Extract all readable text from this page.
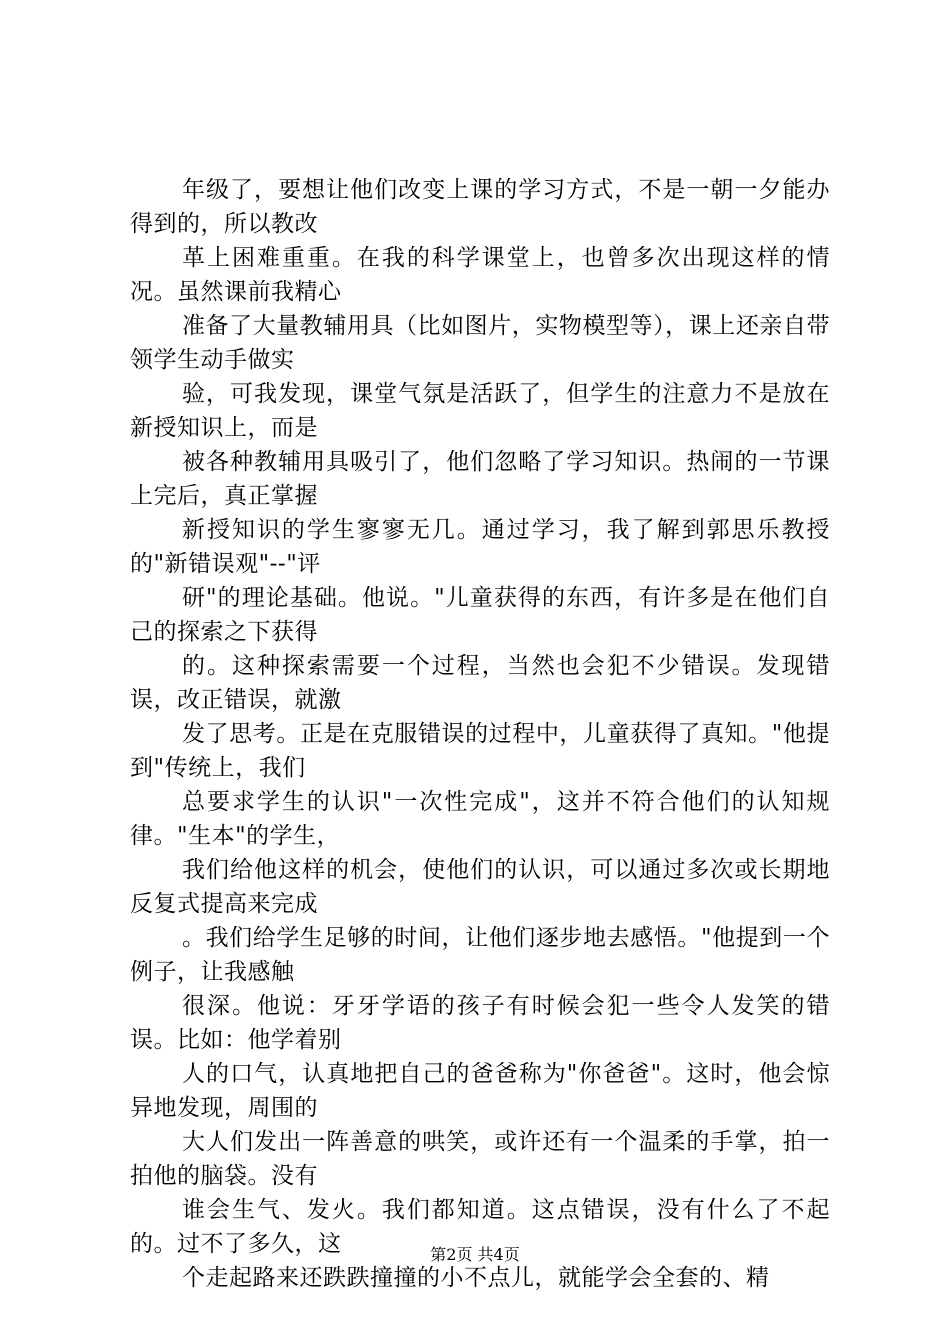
年级了，要想让他们改变上课的学习方式，不是一朝一夕能办得到的，所以教改
革上困难重重。在我的科学课堂上，也曾多次出现这样的情况。虽然课前我精心
准备了大量教辅用具（比如图片，实物模型等），课上还亲自带领学生动手做实
验，可我发现，课堂气氛是活跃了，但学生的注意力不是放在新授知识上，而是
被各种教辅用具吸引了，他们忽略了学习知识。热闹的一节课上完后，真正掌握
新授知识的学生寥寥无几。通过学习，我了解到郭思乐教授的"新错误观"--"评
研"的理论基础。他说。"儿童获得的东西，有许多是在他们自己的探索之下获得
的。这种探索需要一个过程，当然也会犯不少错误。发现错误，改正错误，就激
发了思考。正是在克服错误的过程中，儿童获得了真知。"他提到"传统上，我们
总要求学生的认识"一次性完成"，这并不符合他们的认知规律。"生本"的学生，
我们给他这样的机会，使他们的认识，可以通过多次或长期地反复式提高来完成
。我们给学生足够的时间，让他们逐步地去感悟。"他提到一个例子，让我感触
很深。他说：牙牙学语的孩子有时候会犯一些令人发笑的错误。比如：他学着别
人的口气，认真地把自己的爸爸称为"你爸爸"。这时，他会惊异地发现，周围的
大人们发出一阵善意的哄笑，或许还有一个温柔的手掌，拍一拍他的脑袋。没有
谁会生气、发火。我们都知道。这点错误，没有什么了不起的。过不了多久，这
个走起路来还跌跌撞撞的小不点儿，就能学会全套的、精
第2页 共4页
